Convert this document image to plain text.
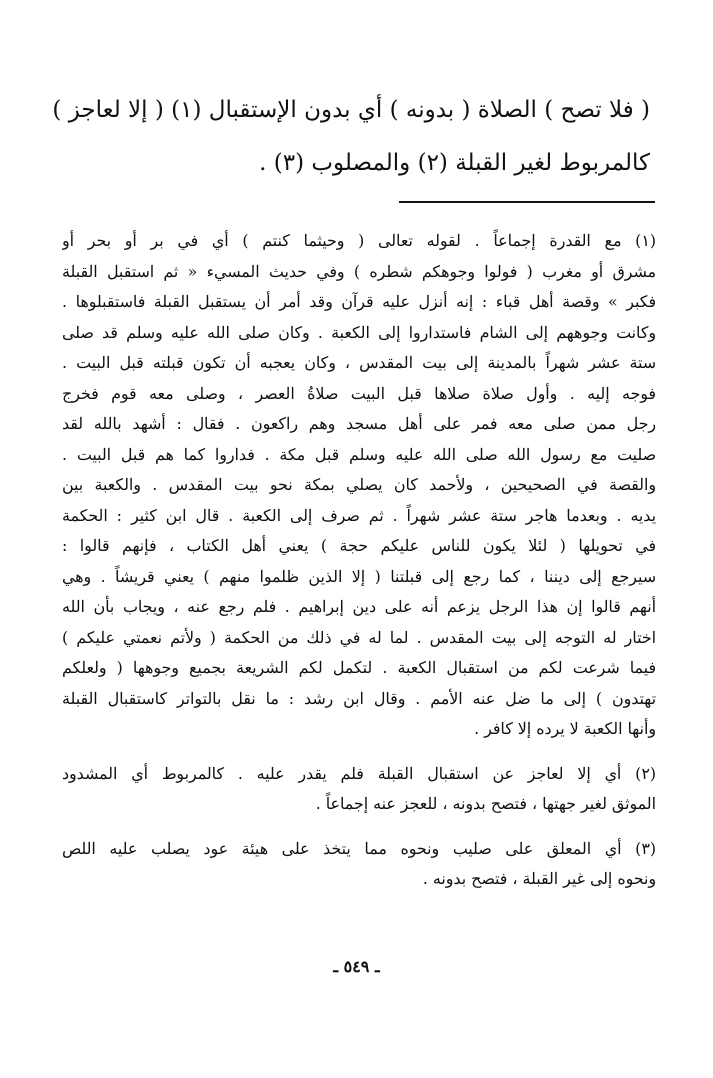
( فلا تصح ) الصلاة ( بدونه ) أي بدون الإستقبال (١) ( إلا لعاجز )
كالمربوط لغير القبلة (٢) والمصلوب (٣) .
(١) مع القدرة إجماعاً . لقوله تعالى ( وحيثما كنتم ) أي في بر أو بحر أو
مشرق أو مغرب ( فولوا وجوهكم شطره ) وفي حديث المسيء « ثم استقبل القبلة
فكبر » وقصة أهل قباء : إنه أنزل عليه قرآن وقد أمر أن يستقبل القبلة فاستقبلوها .
وكانت وجوههم إلى الشام فاستداروا إلى الكعبة . وكان صلى الله عليه وسلم قد صلى
ستة عشر شهراً بالمدينة إلى بيت المقدس ، وكان يعجبه أن تكون قبلته قبل البيت .
فوجه إليه . وأول صلاة صلاها قبل البيت صلاةُ العصر ، وصلى معه قوم فخرج
رجل ممن صلى معه فمر على أهل مسجد وهم راكعون . فقال : أشهد بالله لقد
صليت مع رسول الله صلى الله عليه وسلم قبل مكة . فداروا كما هم قبل البيت .
والقصة في الصحيحين ، ولأحمد كان يصلي بمكة نحو بيت المقدس . والكعبة بين
يديه . وبعدما هاجر ستة عشر شهراً . ثم صرف إلى الكعبة . قال ابن كثير : الحكمة
في تحويلها ( لئلا يكون للناس عليكم حجة ) يعني أهل الكتاب ، فإنهم قالوا :
سيرجع إلى ديننا ، كما رجع إلى قبلتنا ( إلا الذين ظلموا منهم ) يعني قريشاً . وهي
أنهم قالوا إن هذا الرجل يزعم أنه على دين إبراهيم . فلم رجع عنه ، ويجاب بأن الله
اختار له التوجه إلى بيت المقدس . لما له في ذلك من الحكمة ( ولأتم نعمتي عليكم )
فيما شرعت لكم من استقبال الكعبة . لتكمل لكم الشريعة بجميع وجوهها ( ولعلكم
تهتدون ) إلى ما ضل عنه الأمم . وقال ابن رشد : ما نقل بالتواتر كاستقبال القبلة
وأنها الكعبة لا يرده إلا كافر .
(٢) أي إلا لعاجز عن استقبال القبلة فلم يقدر عليه . كالمربوط أي المشدود
الموثق لغير جهتها ، فتصح بدونه ، للعجز عنه إجماعاً .
(٣) أي المعلق على صليب ونحوه مما يتخذ على هيئة عود يصلب عليه اللص
ونحوه إلى غير القبلة ، فتصح بدونه .
ـ ٥٤٩ ـ
